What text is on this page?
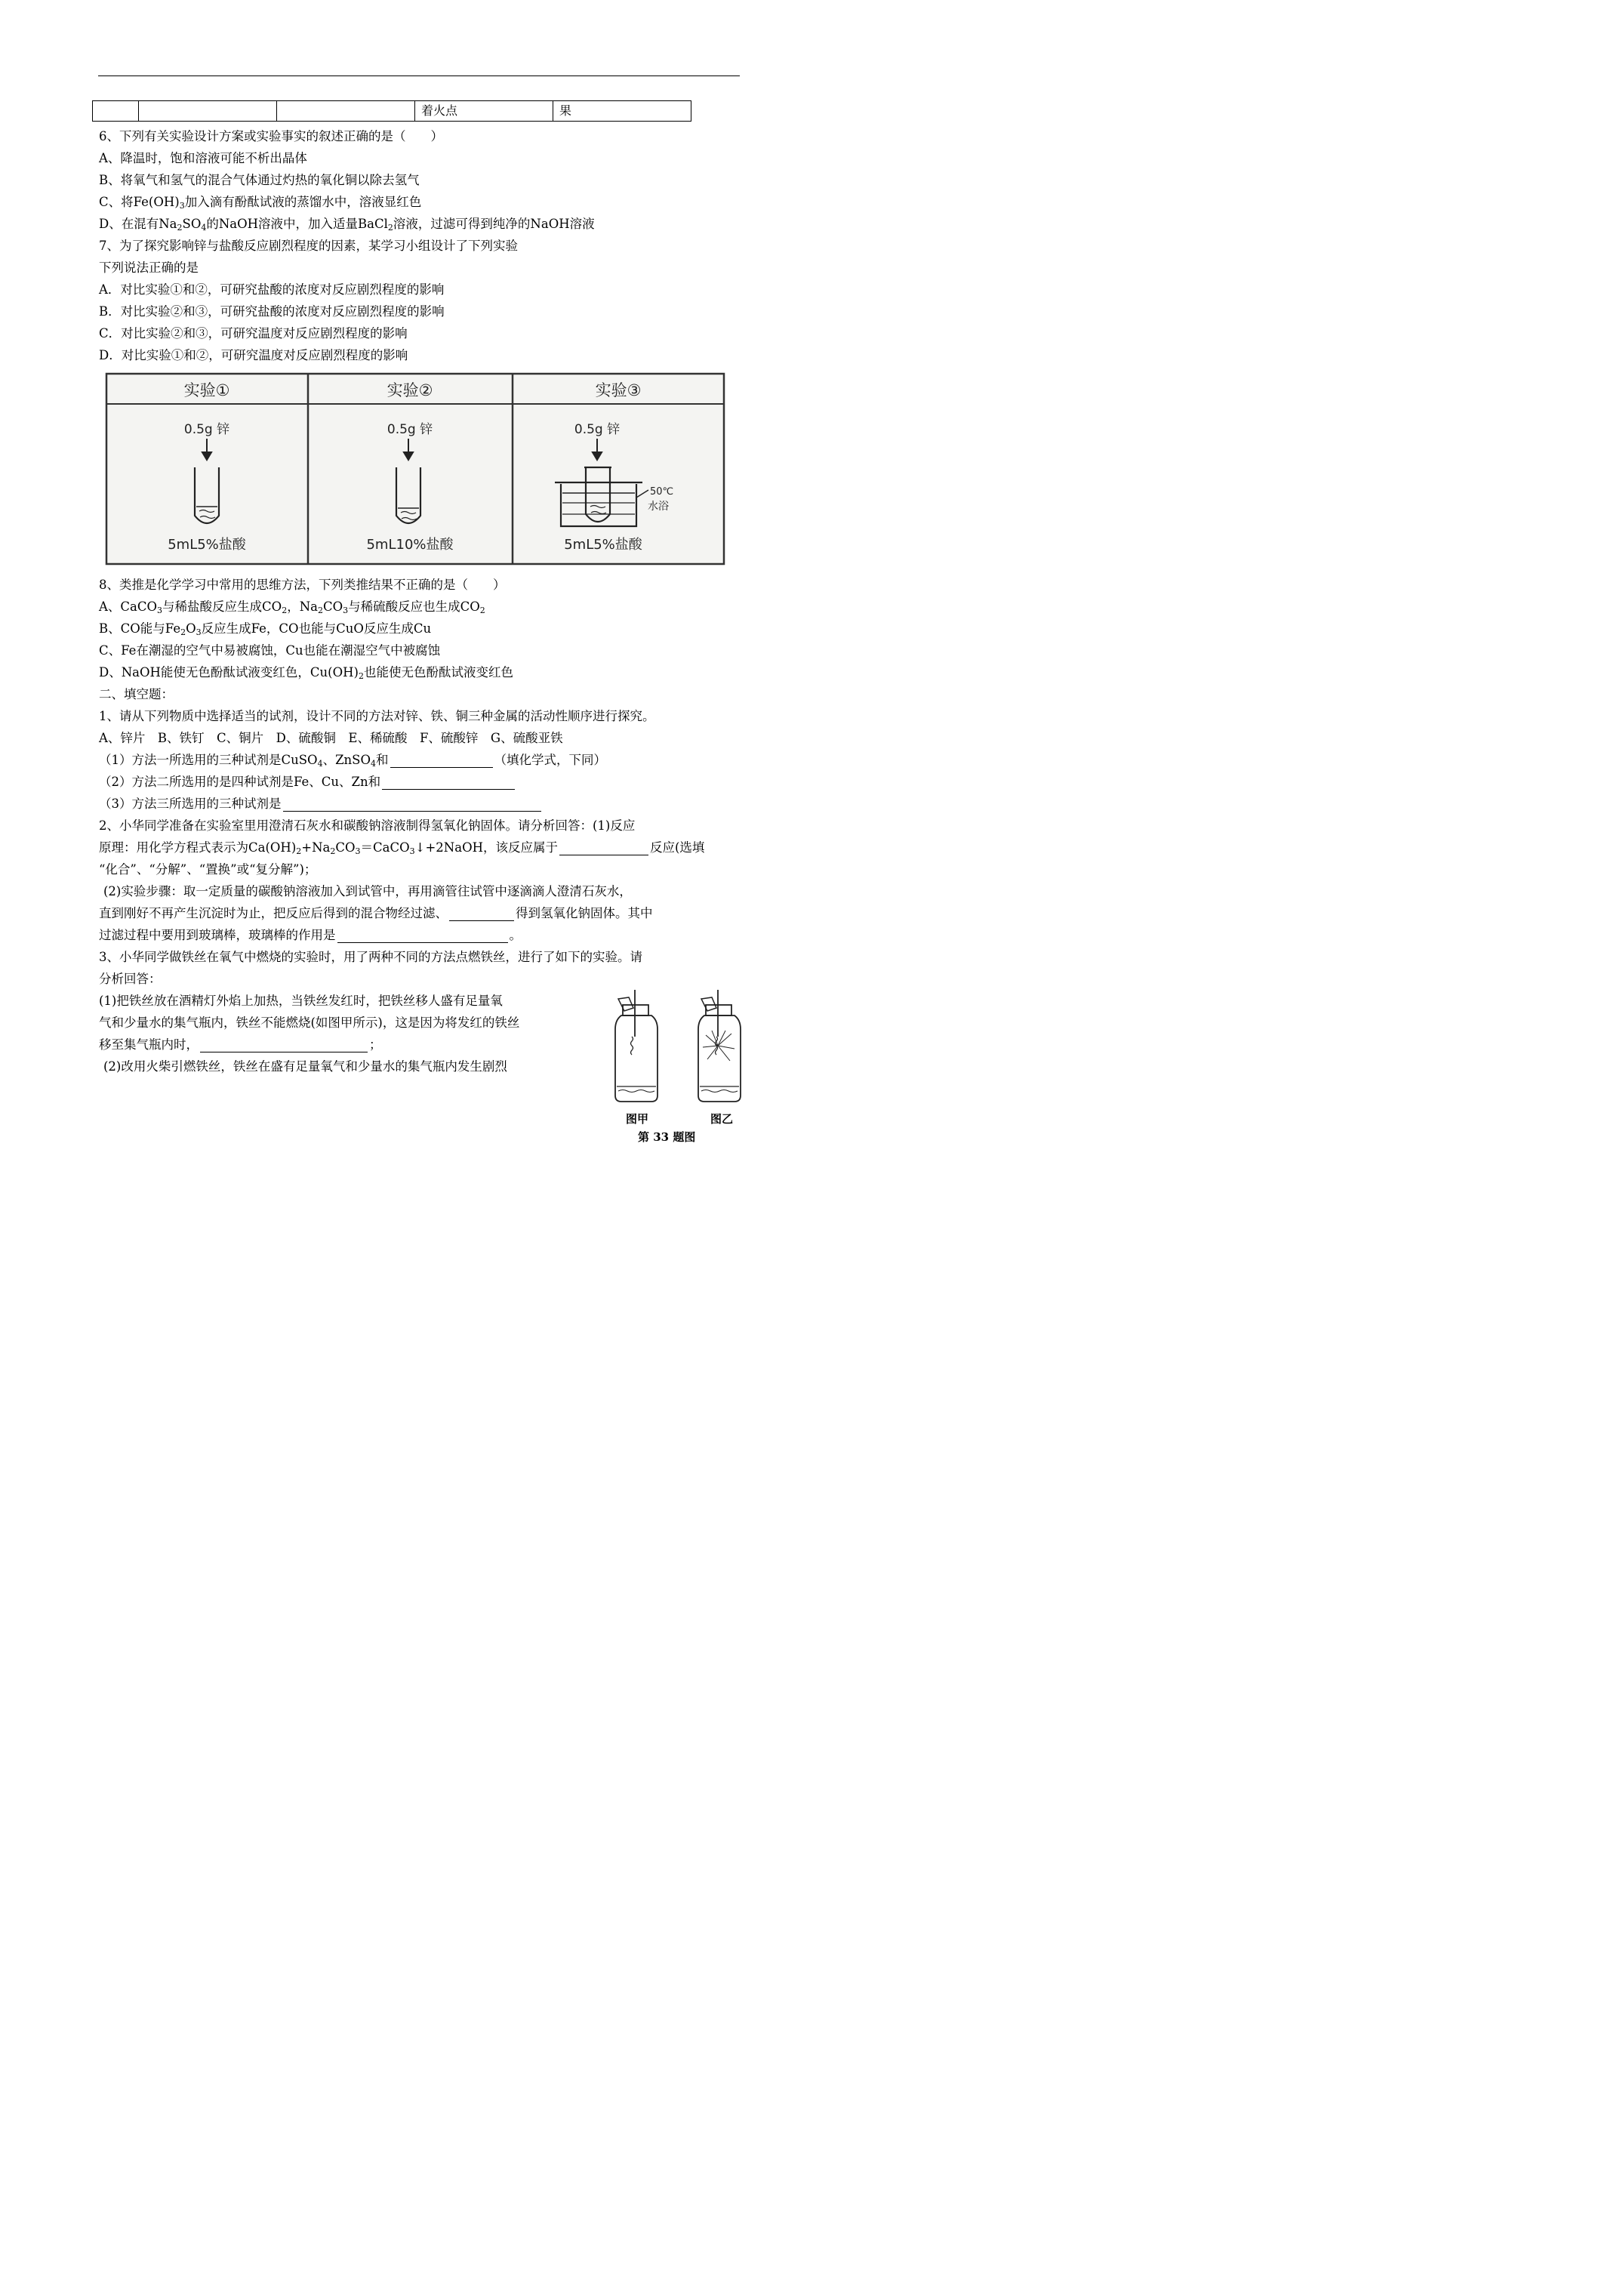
			着火点	果
6、下列有关实验设计方案或实验事实的叙述正确的是（　　）
A、降温时，饱和溶液可能不析出晶体
B、将氧气和氢气的混合气体通过灼热的氧化铜以除去氢气
C、将$Fe(OH)_3$加入滴有酚酞试液的蒸馏水中，溶液显红色
D、在混有$Na_2SO_4$的NaOH溶液中，加入适量BaCl$_2$溶液，过滤可得到纯净的NaOH溶液
7、为了探究影响锌与盐酸反应剧烈程度的因素，某学习小组设计了下列实验
下列说法正确的是
A．对比实验①和②，可研究盐酸的浓度对反应剧烈程度的影响
B．对比实验②和③，可研究盐酸的浓度对反应剧烈程度的影响
C．对比实验②和③，可研究温度对反应剧烈程度的影响
D．对比实验①和②，可研究温度对反应剧烈程度的影响
实验①	实验②	实验③
0.5g 锌	0.5g 锌	0.5g 锌
50℃
水浴
5mL5%盐酸	5mL10%盐酸	5mL5%盐酸
8、类推是化学学习中常用的思维方法，下列类推结果不正确的是（　　）
A、CaCO$_3$与稀盐酸反应生成$CO_2$，$Na_2CO_3$与稀硫酸反应也生成$CO_2$
B、CO能与$Fe_2O_3$反应生成Fe，CO也能与CuO反应生成Cu
C、Fe在潮湿的空气中易被腐蚀，Cu也能在潮湿空气中被腐蚀
D、NaOH能使无色酚酞试液变红色，$Cu(OH)_2$也能使无色酚酞试液变红色
二、填空题：
1、请从下列物质中选择适当的试剂，设计不同的方法对锌、铁、铜三种金属的活动性顺序进行探究。
A、锌片　B、铁钉　C、铜片　D、硫酸铜　E、稀硫酸　F、硫酸锌　G、硫酸亚铁
（1）方法一所选用的三种试剂是CuSO$_4$、ZnSO$_4$和	（填化学式，下同）
（2）方法二所选用的是四种试剂是Fe、Cu、Zn和
（3）方法三所选用的三种试剂是
2、小华同学准备在实验室里用澄清石灰水和碳酸钠溶液制得氢氧化钠固体。请分析回答：(1)反应
原理：用化学方程式表示为$Ca(OH)_2+Na_2CO_3=CaCO_3↓+2NaOH$，该反应属于	反应(选填
“化合”、“分解”、“置换”或“复分解”)；
(2)实验步骤：取一定质量的碳酸钠溶液加入到试管中，再用滴管往试管中逐滴滴人澄清石灰水，
直到刚好不再产生沉淀时为止，把反应后得到的混合物经过滤、	得到氢氧化钠固体。其中
过滤过程中要用到玻璃棒，玻璃棒的作用是	。
3、小华同学做铁丝在氧气中燃烧的实验时，用了两种不同的方法点燃铁丝，进行了如下的实验。请
分析回答：
(1)把铁丝放在酒精灯外焰上加热，当铁丝发红时，把铁丝移人盛有足量氧
气和少量水的集气瓶内，铁丝不能燃烧(如图甲所示)，这是因为将发红的铁丝
移至集气瓶内时，	；
(2)改用火柴引燃铁丝，铁丝在盛有足量氧气和少量水的集气瓶内发生剧烈
图甲	图乙
第 33 题图
